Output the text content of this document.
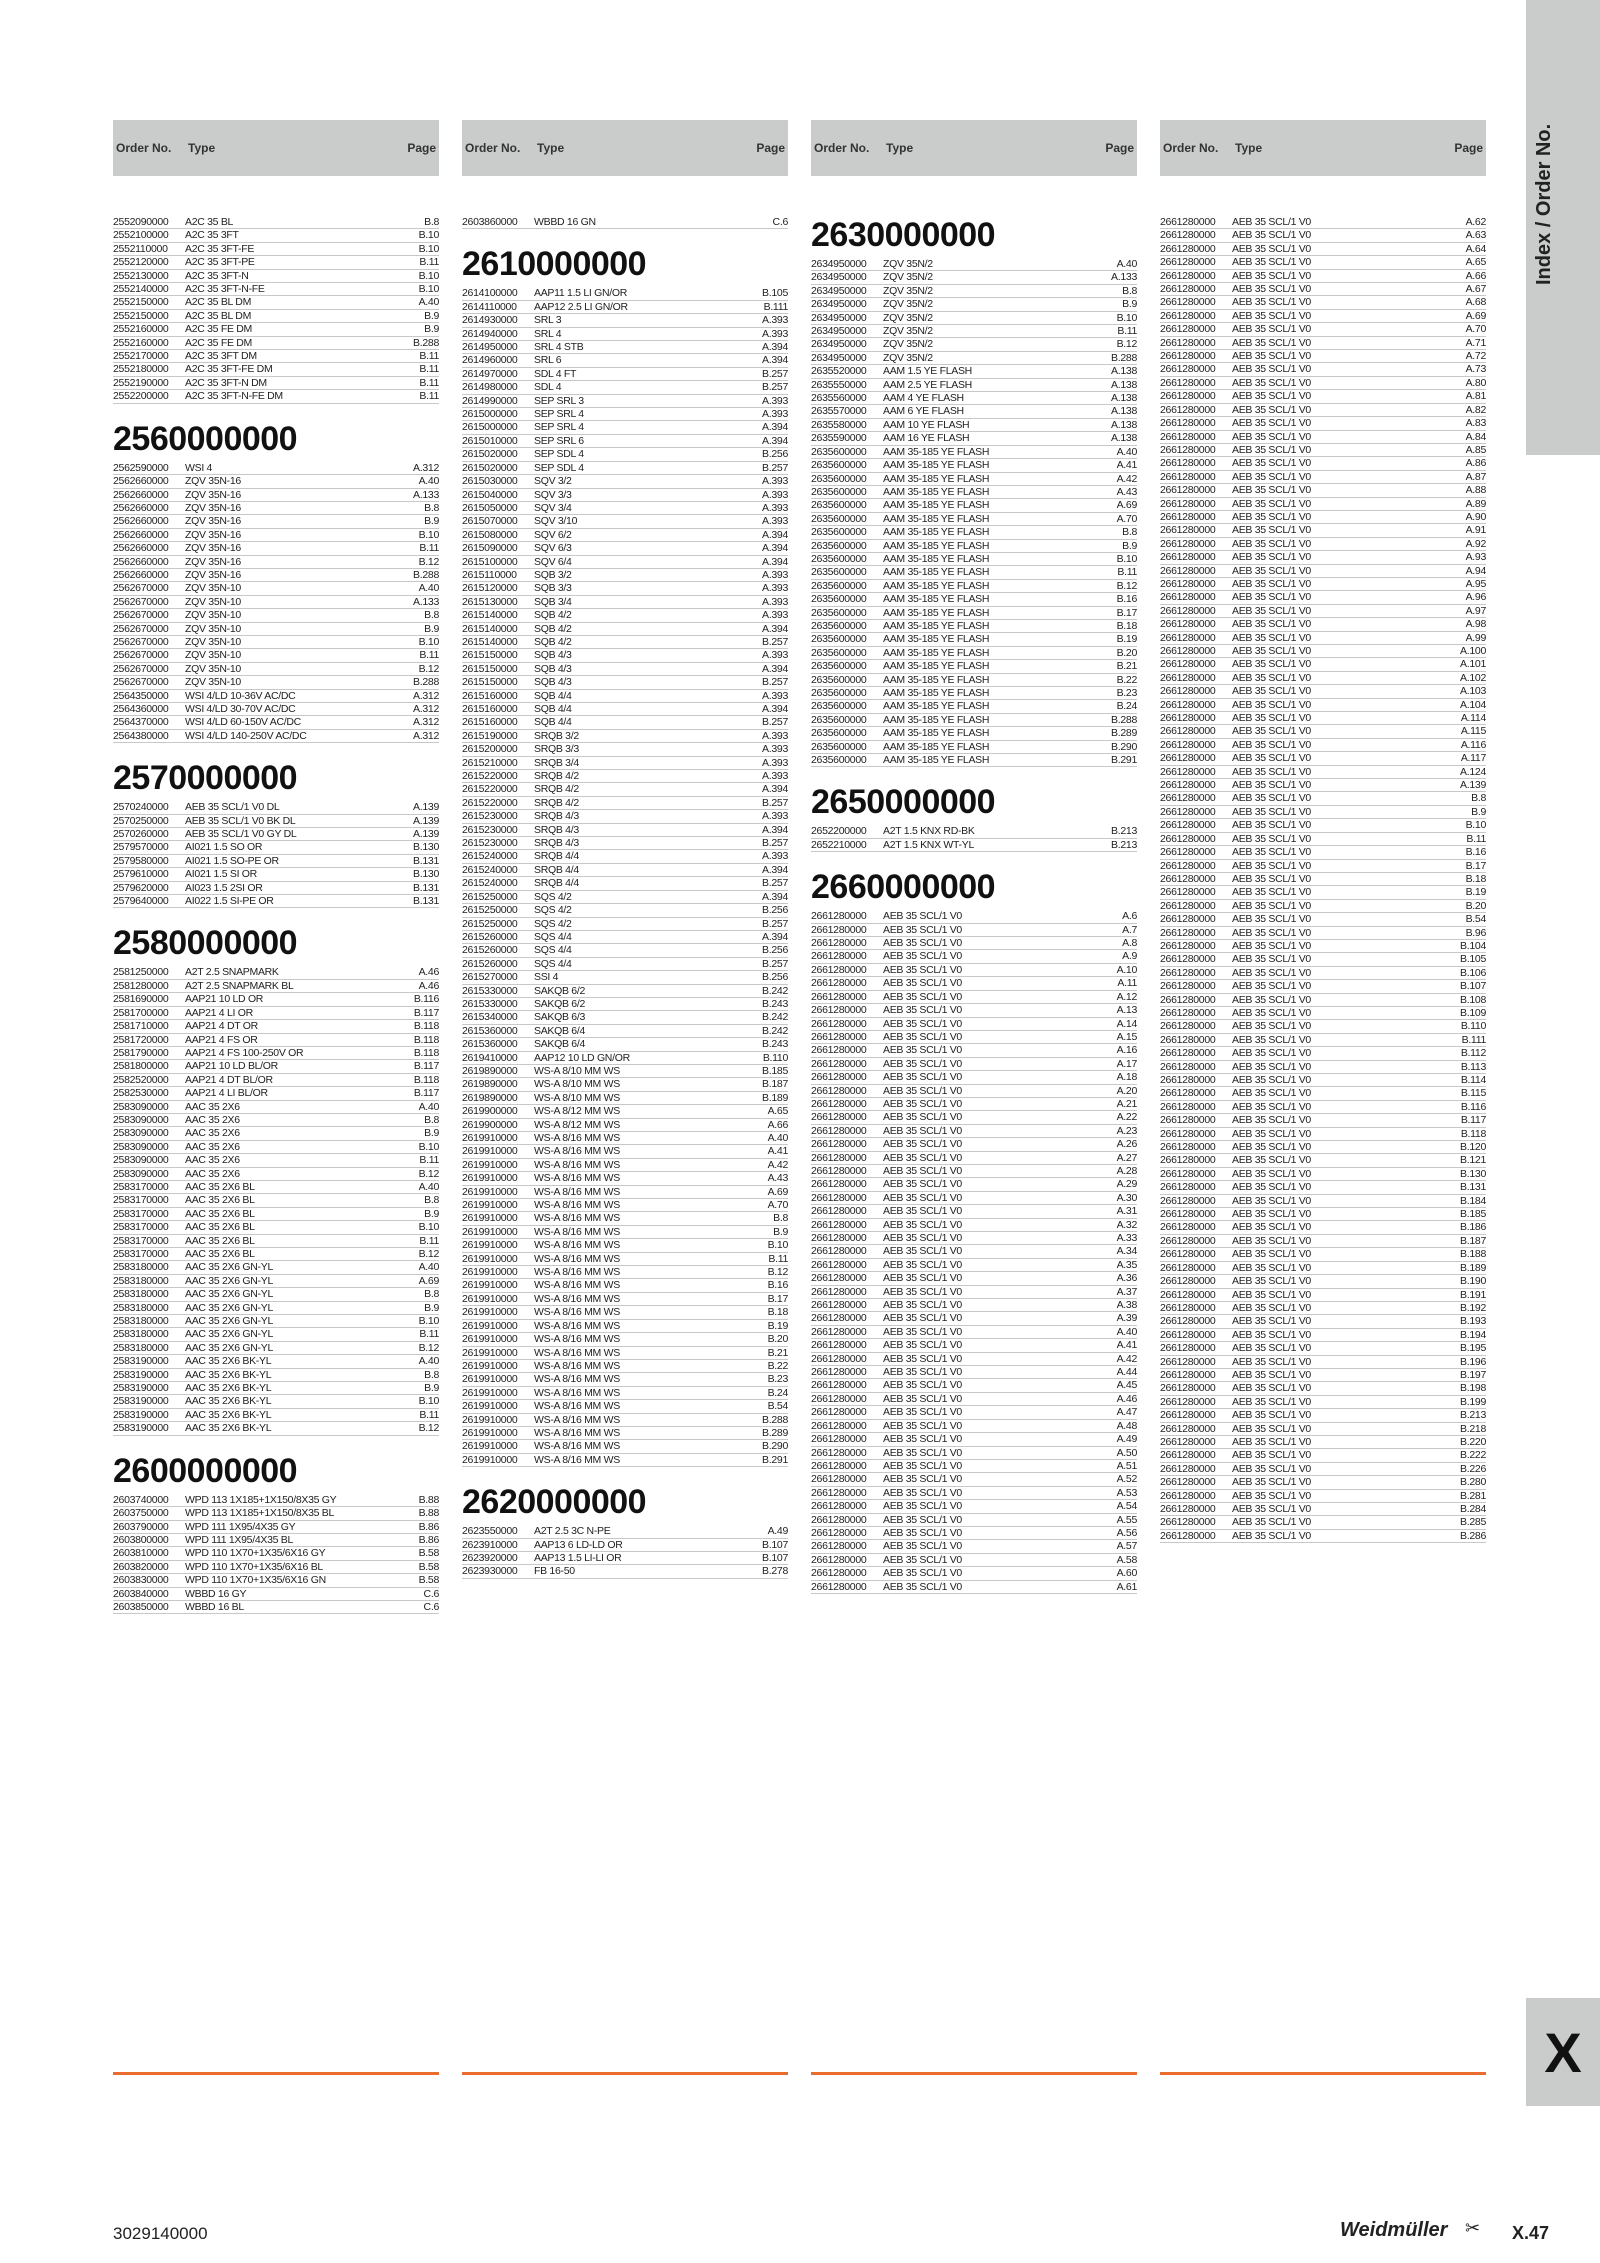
Order No.	Type	Page
2552090000	A2C 35 BL	B.8
2552100000	A2C 35 3FT	B.10
2552110000	A2C 35 3FT-FE	B.10
2552120000	A2C 35 3FT-PE	B.11
2552130000	A2C 35 3FT-N	B.10
2552140000	A2C 35 3FT-N-FE	B.10
2552150000	A2C 35 BL DM	A.40
2552150000	A2C 35 BL DM	B.9
2552160000	A2C 35 FE DM	B.9
2552160000	A2C 35 FE DM	B.288
2552170000	A2C 35 3FT DM	B.11
2552180000	A2C 35 3FT-FE DM	B.11
2552190000	A2C 35 3FT-N DM	B.11
2552200000	A2C 35 3FT-N-FE DM	B.11
2560000000
2562590000	WSI 4	A.312
2562660000	ZQV 35N-16	A.40
2562660000	ZQV 35N-16	A.133
2562660000	ZQV 35N-16	B.8
2562660000	ZQV 35N-16	B.9
2562660000	ZQV 35N-16	B.10
2562660000	ZQV 35N-16	B.11
2562660000	ZQV 35N-16	B.12
2562660000	ZQV 35N-16	B.288
2562670000	ZQV 35N-10	A.40
2562670000	ZQV 35N-10	A.133
2562670000	ZQV 35N-10	B.8
2562670000	ZQV 35N-10	B.9
2562670000	ZQV 35N-10	B.10
2562670000	ZQV 35N-10	B.11
2562670000	ZQV 35N-10	B.12
2562670000	ZQV 35N-10	B.288
2564350000	WSI 4/LD 10-36V AC/DC	A.312
2564360000	WSI 4/LD 30-70V AC/DC	A.312
2564370000	WSI 4/LD 60-150V AC/DC	A.312
2564380000	WSI 4/LD 140-250V AC/DC	A.312
2570000000
2570240000	AEB 35 SCL/1 V0 DL	A.139
2570250000	AEB 35 SCL/1 V0 BK DL	A.139
2570260000	AEB 35 SCL/1 V0 GY DL	A.139
2579570000	AI021 1.5 SO OR	B.130
2579580000	AI021 1.5 SO-PE OR	B.131
2579610000	AI021 1.5 SI OR	B.130
2579620000	AI023 1.5 2SI OR	B.131
2579640000	AI022 1.5 SI-PE OR	B.131
2580000000
2581250000	A2T 2.5 SNAPMARK	A.46
2581280000	A2T 2.5 SNAPMARK BL	A.46
2581690000	AAP21 10 LD OR	B.116
2581700000	AAP21 4 LI OR	B.117
2581710000	AAP21 4 DT OR	B.118
2581720000	AAP21 4 FS OR	B.118
2581790000	AAP21 4 FS 100-250V OR	B.118
2581800000	AAP21 10 LD BL/OR	B.117
2582520000	AAP21 4 DT BL/OR	B.118
2582530000	AAP21 4 LI BL/OR	B.117
2583090000	AAC 35 2X6	A.40
2583090000	AAC 35 2X6	B.8
2583090000	AAC 35 2X6	B.9
2583090000	AAC 35 2X6	B.10
2583090000	AAC 35 2X6	B.11
2583090000	AAC 35 2X6	B.12
2583170000	AAC 35 2X6 BL	A.40
2583170000	AAC 35 2X6 BL	B.8
2583170000	AAC 35 2X6 BL	B.9
2583170000	AAC 35 2X6 BL	B.10
2583170000	AAC 35 2X6 BL	B.11
2583170000	AAC 35 2X6 BL	B.12
2583180000	AAC 35 2X6 GN-YL	A.40
2583180000	AAC 35 2X6 GN-YL	A.69
2583180000	AAC 35 2X6 GN-YL	B.8
2583180000	AAC 35 2X6 GN-YL	B.9
2583180000	AAC 35 2X6 GN-YL	B.10
2583180000	AAC 35 2X6 GN-YL	B.11
2583180000	AAC 35 2X6 GN-YL	B.12
2583190000	AAC 35 2X6 BK-YL	A.40
2583190000	AAC 35 2X6 BK-YL	B.8
2583190000	AAC 35 2X6 BK-YL	B.9
2583190000	AAC 35 2X6 BK-YL	B.10
2583190000	AAC 35 2X6 BK-YL	B.11
2583190000	AAC 35 2X6 BK-YL	B.12
2600000000
2603740000	WPD 113 1X185+1X150/8X35 GY	B.88
2603750000	WPD 113 1X185+1X150/8X35 BL	B.88
2603790000	WPD 111 1X95/4X35 GY	B.86
2603800000	WPD 111 1X95/4X35 BL	B.86
2603810000	WPD 110 1X70+1X35/6X16 GY	B.58
2603820000	WPD 110 1X70+1X35/6X16 BL	B.58
2603830000	WPD 110 1X70+1X35/6X16 GN	B.58
2603840000	WBBD 16 GY	C.6
2603850000	WBBD 16 BL	C.6
Order No.	Type	Page
2603860000	WBBD 16 GN	C.6
2610000000
2614100000	AAP11 1.5 LI GN/OR	B.105
2614110000	AAP12 2.5 LI GN/OR	B.111
2614930000	SRL 3	A.393
2614940000	SRL 4	A.393
2614950000	SRL 4 STB	A.394
2614960000	SRL 6	A.394
2614970000	SDL 4 FT	B.257
2614980000	SDL 4	B.257
2614990000	SEP SRL 3	A.393
2615000000	SEP SRL 4	A.393
2615000000	SEP SRL 4	A.394
2615010000	SEP SRL 6	A.394
2615020000	SEP SDL 4	B.256
2615020000	SEP SDL 4	B.257
2615030000	SQV 3/2	A.393
2615040000	SQV 3/3	A.393
2615050000	SQV 3/4	A.393
2615070000	SQV 3/10	A.393
2615080000	SQV 6/2	A.394
2615090000	SQV 6/3	A.394
2615100000	SQV 6/4	A.394
2615110000	SQB 3/2	A.393
2615120000	SQB 3/3	A.393
2615130000	SQB 3/4	A.393
2615140000	SQB 4/2	A.393
2615140000	SQB 4/2	A.394
2615140000	SQB 4/2	B.257
2615150000	SQB 4/3	A.393
2615150000	SQB 4/3	A.394
2615150000	SQB 4/3	B.257
2615160000	SQB 4/4	A.393
2615160000	SQB 4/4	A.394
2615160000	SQB 4/4	B.257
2615190000	SRQB 3/2	A.393
2615200000	SRQB 3/3	A.393
2615210000	SRQB 3/4	A.393
2615220000	SRQB 4/2	A.393
2615220000	SRQB 4/2	A.394
2615220000	SRQB 4/2	B.257
2615230000	SRQB 4/3	A.393
2615230000	SRQB 4/3	A.394
2615230000	SRQB 4/3	B.257
2615240000	SRQB 4/4	A.393
2615240000	SRQB 4/4	A.394
2615240000	SRQB 4/4	B.257
2615250000	SQS 4/2	A.394
2615250000	SQS 4/2	B.256
2615250000	SQS 4/2	B.257
2615260000	SQS 4/4	A.394
2615260000	SQS 4/4	B.256
2615260000	SQS 4/4	B.257
2615270000	SSI 4	B.256
2615330000	SAKQB 6/2	B.242
2615330000	SAKQB 6/2	B.243
2615340000	SAKQB 6/3	B.242
2615360000	SAKQB 6/4	B.242
2615360000	SAKQB 6/4	B.243
2619410000	AAP12 10 LD GN/OR	B.110
2619890000	WS-A 8/10 MM WS	B.185
2619890000	WS-A 8/10 MM WS	B.187
2619890000	WS-A 8/10 MM WS	B.189
2619900000	WS-A 8/12 MM WS	A.65
2619900000	WS-A 8/12 MM WS	A.66
2619910000	WS-A 8/16 MM WS	A.40
2619910000	WS-A 8/16 MM WS	A.41
2619910000	WS-A 8/16 MM WS	A.42
2619910000	WS-A 8/16 MM WS	A.43
2619910000	WS-A 8/16 MM WS	A.69
2619910000	WS-A 8/16 MM WS	A.70
2619910000	WS-A 8/16 MM WS	B.8
2619910000	WS-A 8/16 MM WS	B.9
2619910000	WS-A 8/16 MM WS	B.10
2619910000	WS-A 8/16 MM WS	B.11
2619910000	WS-A 8/16 MM WS	B.12
2619910000	WS-A 8/16 MM WS	B.16
2619910000	WS-A 8/16 MM WS	B.17
2619910000	WS-A 8/16 MM WS	B.18
2619910000	WS-A 8/16 MM WS	B.19
2619910000	WS-A 8/16 MM WS	B.20
2619910000	WS-A 8/16 MM WS	B.21
2619910000	WS-A 8/16 MM WS	B.22
2619910000	WS-A 8/16 MM WS	B.23
2619910000	WS-A 8/16 MM WS	B.24
2619910000	WS-A 8/16 MM WS	B.54
2619910000	WS-A 8/16 MM WS	B.288
2619910000	WS-A 8/16 MM WS	B.289
2619910000	WS-A 8/16 MM WS	B.290
2619910000	WS-A 8/16 MM WS	B.291
2620000000
2623550000	A2T 2.5 3C N-PE	A.49
2623910000	AAP13 6 LD-LD OR	B.107
2623920000	AAP13 1.5 LI-LI OR	B.107
2623930000	FB 16-50	B.278
Order No.	Type	Page
2630000000
2634950000	ZQV 35N/2	A.40
2634950000	ZQV 35N/2	A.133
2634950000	ZQV 35N/2	B.8
2634950000	ZQV 35N/2	B.9
2634950000	ZQV 35N/2	B.10
2634950000	ZQV 35N/2	B.11
2634950000	ZQV 35N/2	B.12
2634950000	ZQV 35N/2	B.288
2635520000	AAM 1.5 YE FLASH	A.138
2635550000	AAM 2.5 YE FLASH	A.138
2635560000	AAM 4 YE FLASH	A.138
2635570000	AAM 6 YE FLASH	A.138
2635580000	AAM 10 YE FLASH	A.138
2635590000	AAM 16 YE FLASH	A.138
2635600000	AAM 35-185 YE FLASH	A.40
2635600000	AAM 35-185 YE FLASH	A.41
2635600000	AAM 35-185 YE FLASH	A.42
2635600000	AAM 35-185 YE FLASH	A.43
2635600000	AAM 35-185 YE FLASH	A.69
2635600000	AAM 35-185 YE FLASH	A.70
2635600000	AAM 35-185 YE FLASH	B.8
2635600000	AAM 35-185 YE FLASH	B.9
2635600000	AAM 35-185 YE FLASH	B.10
2635600000	AAM 35-185 YE FLASH	B.11
2635600000	AAM 35-185 YE FLASH	B.12
2635600000	AAM 35-185 YE FLASH	B.16
2635600000	AAM 35-185 YE FLASH	B.17
2635600000	AAM 35-185 YE FLASH	B.18
2635600000	AAM 35-185 YE FLASH	B.19
2635600000	AAM 35-185 YE FLASH	B.20
2635600000	AAM 35-185 YE FLASH	B.21
2635600000	AAM 35-185 YE FLASH	B.22
2635600000	AAM 35-185 YE FLASH	B.23
2635600000	AAM 35-185 YE FLASH	B.24
2635600000	AAM 35-185 YE FLASH	B.288
2635600000	AAM 35-185 YE FLASH	B.289
2635600000	AAM 35-185 YE FLASH	B.290
2635600000	AAM 35-185 YE FLASH	B.291
2650000000
2652200000	A2T 1.5 KNX RD-BK	B.213
2652210000	A2T 1.5 KNX WT-YL	B.213
2660000000
2661280000	AEB 35 SCL/1 V0	A.6
2661280000	AEB 35 SCL/1 V0	A.7
2661280000	AEB 35 SCL/1 V0	A.8
2661280000	AEB 35 SCL/1 V0	A.9
2661280000	AEB 35 SCL/1 V0	A.10
2661280000	AEB 35 SCL/1 V0	A.11
2661280000	AEB 35 SCL/1 V0	A.12
2661280000	AEB 35 SCL/1 V0	A.13
2661280000	AEB 35 SCL/1 V0	A.14
2661280000	AEB 35 SCL/1 V0	A.15
2661280000	AEB 35 SCL/1 V0	A.16
2661280000	AEB 35 SCL/1 V0	A.17
2661280000	AEB 35 SCL/1 V0	A.18
2661280000	AEB 35 SCL/1 V0	A.20
2661280000	AEB 35 SCL/1 V0	A.21
2661280000	AEB 35 SCL/1 V0	A.22
2661280000	AEB 35 SCL/1 V0	A.23
2661280000	AEB 35 SCL/1 V0	A.26
2661280000	AEB 35 SCL/1 V0	A.27
2661280000	AEB 35 SCL/1 V0	A.28
2661280000	AEB 35 SCL/1 V0	A.29
2661280000	AEB 35 SCL/1 V0	A.30
2661280000	AEB 35 SCL/1 V0	A.31
2661280000	AEB 35 SCL/1 V0	A.32
2661280000	AEB 35 SCL/1 V0	A.33
2661280000	AEB 35 SCL/1 V0	A.34
2661280000	AEB 35 SCL/1 V0	A.35
2661280000	AEB 35 SCL/1 V0	A.36
2661280000	AEB 35 SCL/1 V0	A.37
2661280000	AEB 35 SCL/1 V0	A.38
2661280000	AEB 35 SCL/1 V0	A.39
2661280000	AEB 35 SCL/1 V0	A.40
2661280000	AEB 35 SCL/1 V0	A.41
2661280000	AEB 35 SCL/1 V0	A.42
2661280000	AEB 35 SCL/1 V0	A.44
2661280000	AEB 35 SCL/1 V0	A.45
2661280000	AEB 35 SCL/1 V0	A.46
2661280000	AEB 35 SCL/1 V0	A.47
2661280000	AEB 35 SCL/1 V0	A.48
2661280000	AEB 35 SCL/1 V0	A.49
2661280000	AEB 35 SCL/1 V0	A.50
2661280000	AEB 35 SCL/1 V0	A.51
2661280000	AEB 35 SCL/1 V0	A.52
2661280000	AEB 35 SCL/1 V0	A.53
2661280000	AEB 35 SCL/1 V0	A.54
2661280000	AEB 35 SCL/1 V0	A.55
2661280000	AEB 35 SCL/1 V0	A.56
2661280000	AEB 35 SCL/1 V0	A.57
2661280000	AEB 35 SCL/1 V0	A.58
2661280000	AEB 35 SCL/1 V0	A.60
2661280000	AEB 35 SCL/1 V0	A.61
Order No.	Type	Page
2661280000	AEB 35 SCL/1 V0	A.62
2661280000	AEB 35 SCL/1 V0	A.63
2661280000	AEB 35 SCL/1 V0	A.64
2661280000	AEB 35 SCL/1 V0	A.65
2661280000	AEB 35 SCL/1 V0	A.66
2661280000	AEB 35 SCL/1 V0	A.67
2661280000	AEB 35 SCL/1 V0	A.68
2661280000	AEB 35 SCL/1 V0	A.69
2661280000	AEB 35 SCL/1 V0	A.70
2661280000	AEB 35 SCL/1 V0	A.71
2661280000	AEB 35 SCL/1 V0	A.72
2661280000	AEB 35 SCL/1 V0	A.73
2661280000	AEB 35 SCL/1 V0	A.80
2661280000	AEB 35 SCL/1 V0	A.81
2661280000	AEB 35 SCL/1 V0	A.82
2661280000	AEB 35 SCL/1 V0	A.83
2661280000	AEB 35 SCL/1 V0	A.84
2661280000	AEB 35 SCL/1 V0	A.85
2661280000	AEB 35 SCL/1 V0	A.86
2661280000	AEB 35 SCL/1 V0	A.87
2661280000	AEB 35 SCL/1 V0	A.88
2661280000	AEB 35 SCL/1 V0	A.89
2661280000	AEB 35 SCL/1 V0	A.90
2661280000	AEB 35 SCL/1 V0	A.91
2661280000	AEB 35 SCL/1 V0	A.92
2661280000	AEB 35 SCL/1 V0	A.93
2661280000	AEB 35 SCL/1 V0	A.94
2661280000	AEB 35 SCL/1 V0	A.95
2661280000	AEB 35 SCL/1 V0	A.96
2661280000	AEB 35 SCL/1 V0	A.97
2661280000	AEB 35 SCL/1 V0	A.98
2661280000	AEB 35 SCL/1 V0	A.99
2661280000	AEB 35 SCL/1 V0	A.100
2661280000	AEB 35 SCL/1 V0	A.101
2661280000	AEB 35 SCL/1 V0	A.102
2661280000	AEB 35 SCL/1 V0	A.103
2661280000	AEB 35 SCL/1 V0	A.104
2661280000	AEB 35 SCL/1 V0	A.114
2661280000	AEB 35 SCL/1 V0	A.115
2661280000	AEB 35 SCL/1 V0	A.116
2661280000	AEB 35 SCL/1 V0	A.117
2661280000	AEB 35 SCL/1 V0	A.124
2661280000	AEB 35 SCL/1 V0	A.139
2661280000	AEB 35 SCL/1 V0	B.8
2661280000	AEB 35 SCL/1 V0	B.9
2661280000	AEB 35 SCL/1 V0	B.10
2661280000	AEB 35 SCL/1 V0	B.11
2661280000	AEB 35 SCL/1 V0	B.16
2661280000	AEB 35 SCL/1 V0	B.17
2661280000	AEB 35 SCL/1 V0	B.18
2661280000	AEB 35 SCL/1 V0	B.19
2661280000	AEB 35 SCL/1 V0	B.20
2661280000	AEB 35 SCL/1 V0	B.54
2661280000	AEB 35 SCL/1 V0	B.96
2661280000	AEB 35 SCL/1 V0	B.104
2661280000	AEB 35 SCL/1 V0	B.105
2661280000	AEB 35 SCL/1 V0	B.106
2661280000	AEB 35 SCL/1 V0	B.107
2661280000	AEB 35 SCL/1 V0	B.108
2661280000	AEB 35 SCL/1 V0	B.109
2661280000	AEB 35 SCL/1 V0	B.110
2661280000	AEB 35 SCL/1 V0	B.111
2661280000	AEB 35 SCL/1 V0	B.112
2661280000	AEB 35 SCL/1 V0	B.113
2661280000	AEB 35 SCL/1 V0	B.114
2661280000	AEB 35 SCL/1 V0	B.115
2661280000	AEB 35 SCL/1 V0	B.116
2661280000	AEB 35 SCL/1 V0	B.117
2661280000	AEB 35 SCL/1 V0	B.118
2661280000	AEB 35 SCL/1 V0	B.120
2661280000	AEB 35 SCL/1 V0	B.121
2661280000	AEB 35 SCL/1 V0	B.130
2661280000	AEB 35 SCL/1 V0	B.131
2661280000	AEB 35 SCL/1 V0	B.184
2661280000	AEB 35 SCL/1 V0	B.185
2661280000	AEB 35 SCL/1 V0	B.186
2661280000	AEB 35 SCL/1 V0	B.187
2661280000	AEB 35 SCL/1 V0	B.188
2661280000	AEB 35 SCL/1 V0	B.189
2661280000	AEB 35 SCL/1 V0	B.190
2661280000	AEB 35 SCL/1 V0	B.191
2661280000	AEB 35 SCL/1 V0	B.192
2661280000	AEB 35 SCL/1 V0	B.193
2661280000	AEB 35 SCL/1 V0	B.194
2661280000	AEB 35 SCL/1 V0	B.195
2661280000	AEB 35 SCL/1 V0	B.196
2661280000	AEB 35 SCL/1 V0	B.197
2661280000	AEB 35 SCL/1 V0	B.198
2661280000	AEB 35 SCL/1 V0	B.199
2661280000	AEB 35 SCL/1 V0	B.213
2661280000	AEB 35 SCL/1 V0	B.218
2661280000	AEB 35 SCL/1 V0	B.220
2661280000	AEB 35 SCL/1 V0	B.222
2661280000	AEB 35 SCL/1 V0	B.226
2661280000	AEB 35 SCL/1 V0	B.280
2661280000	AEB 35 SCL/1 V0	B.281
2661280000	AEB 35 SCL/1 V0	B.284
2661280000	AEB 35 SCL/1 V0	B.285
2661280000	AEB 35 SCL/1 V0	B.286
Index / Order No.
X
3029140000	Weidmüller ✂ X.47
